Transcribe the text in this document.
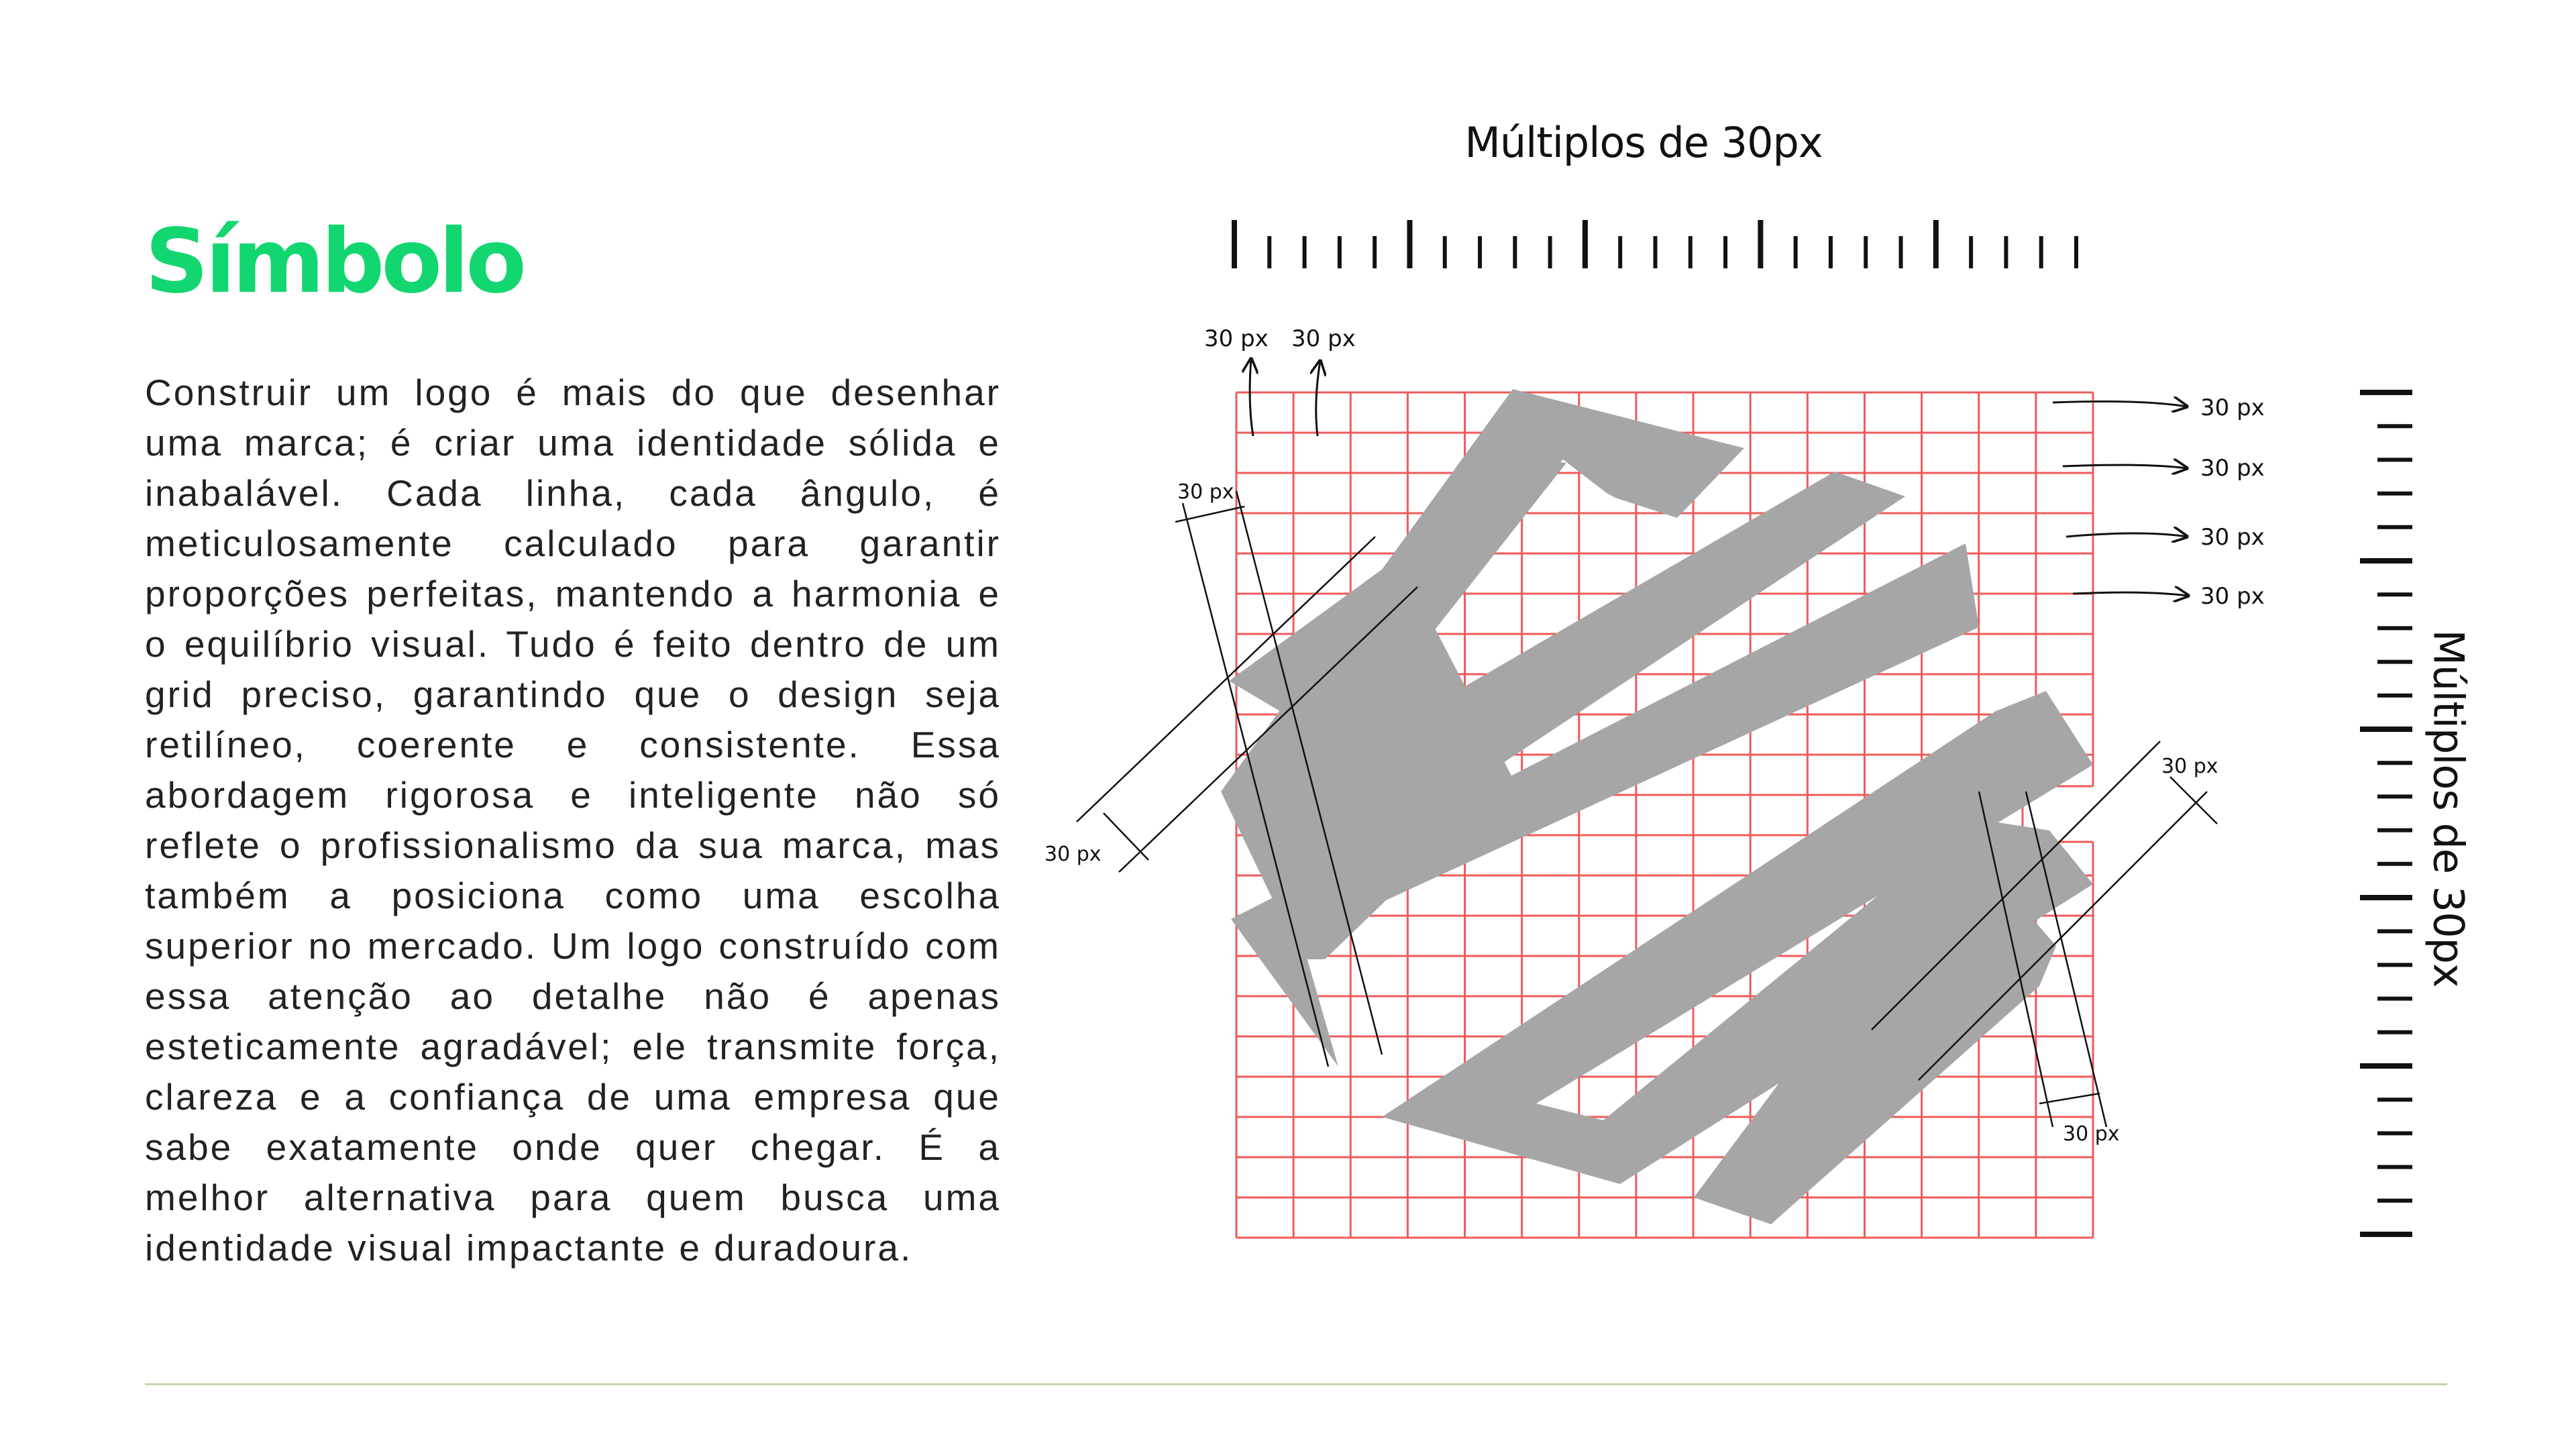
Símbolo

Construir um logo é mais do que desenhar uma marca; é criar uma identidade sólida e inabalável. Cada linha, cada ângulo, é meticulosamente calculado para garantir proporções perfeitas, mantendo a harmonia e o equilíbrio visual. Tudo é feito dentro de um grid preciso, garantindo que o design seja retilíneo, coerente e consistente. Essa abordagem rigorosa e inteligente não só reflete o profissionalismo da sua marca, mas também a posiciona como uma escolha superior no mercado. Um logo construído com essa atenção ao detalhe não é apenas esteticamente agradável; ele transmite força, clareza e a confiança de uma empresa que sabe exatamente onde quer chegar. É a melhor alternativa para quem busca uma identidade visual impactante e duradoura.

Múltiplos de 30px
Múltiplos de 30px
30 px 30 px
30 px
30 px
30 px
30 px
30 px
30 px
30 px
30 px
